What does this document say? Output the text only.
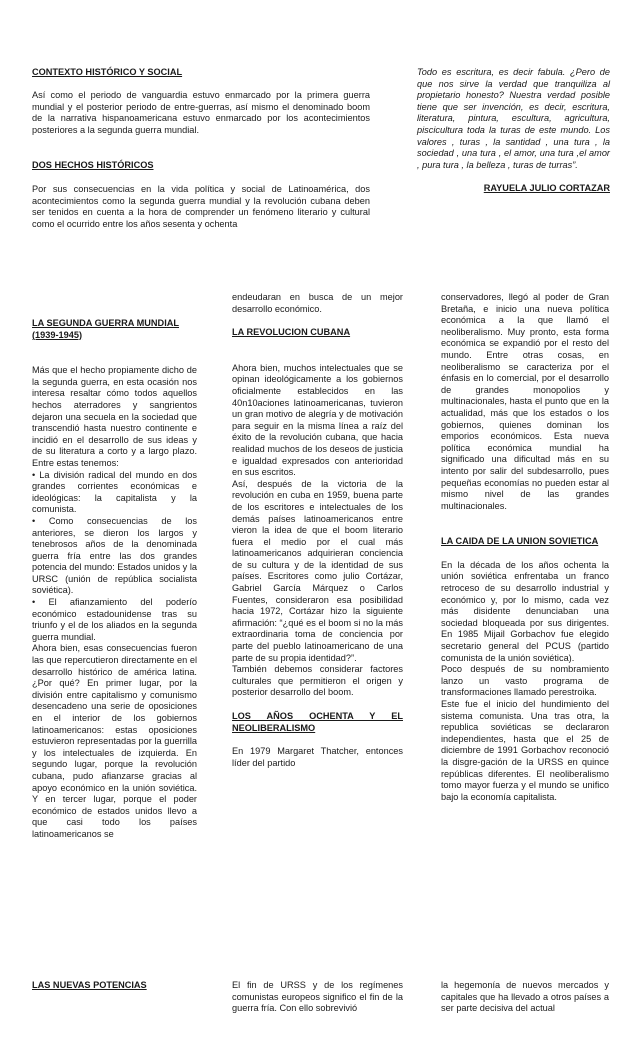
CONTEXTO HISTÓRICO Y SOCIAL

Así como el periodo de vanguardia estuvo enmarcado por la primera guerra mundial y el posterior periodo de entre-guerras, así mismo el denominado boom de la narrativa hispanoamericana estuvo enmarcado por los acontecimientos posteriores a la segunda guerra mundial.

DOS HECHOS HISTÓRICOS

Por sus consecuencias en la vida política y social de Latinoamérica, dos acontecimientos como la segunda guerra mundial y la revolución cubana deben ser tenidos en cuenta a la hora de comprender un fenómeno literario y cultural como el ocurrido entre los años sesenta y ochenta

Todo es escritura, es decir fabula. ¿Pero de que nos sirve la verdad que tranquiliza al propietario honesto? Nuestra verdad posible tiene que ser invención, es decir, escritura, literatura, pintura, escultura, agricultura, piscicultura toda la turas de este mundo. Los valores , turas , la santidad , una tura , la sociedad , una tura , el amor, una tura ,el amor , pura tura , la belleza , turas de turras”.

RAYUELA JULIO CORTAZAR

LA SEGUNDA GUERRA MUNDIAL (1939-1945)

Más que el hecho propiamente dicho de la segunda guerra, en esta ocasión nos interesa resaltar cómo todos aquellos hechos aterradores y sangrientos dejaron una secuela en la sociedad que transcendió hasta nuestro continente e incidió en el desarrollo de sus ideas y de su literatura a corto y a largo plazo. Entre estas tenemos:

• La división radical del mundo en dos grandes corrientes económicas e ideológicas: la capitalista y la comunista.

• Como consecuencias de los anteriores, se dieron los largos y tenebrosos años de la denominada guerra fría entre las dos grandes potencia del mundo: Estados unidos y la URSC (unión de república socialista soviética).

• El afianzamiento del poderío económico estadounidense tras su triunfo y el de los aliados en la segunda guerra mundial.

Ahora bien, esas consecuencias fueron las que repercutieron directamente en el desarrollo histórico de américa latina. ¿Por qué? En primer lugar, por la división entre capitalismo y comunismo desencadeno una serie de oposiciones en el interior de los gobiernos latinoamericanos: estas oposiciones estuvieron representadas por la guerrilla y los intelectuales de izquierda. En segundo lugar, porque la revolución cubana, pudo afianzarse gracias al apoyo económico en la unión soviética. Y en tercer lugar, porque el poder económico de estados unidos llevo a que casi todo los países latinoamericanos se

endeudaran en busca de un mejor desarrollo económico.

LA REVOLUCION CUBANA

Ahora bien, muchos intelectuales que se opinan ideológicamente a los gobiernos oficialmente establecidos en las 40n10aciones latinoamericanas, tuvieron un gran motivo de alegría y de motivación para seguir en la misma línea a raíz del éxito de la revolución cubana, que hacia realidad muchos de los deseos de justicia e igualdad expresados con anterioridad en sus escritos.

Así, después de la victoria de la revolución en cuba en 1959, buena parte de los escritores e intelectuales de los demás países latinoamericanos entre vieron la idea de que el boom literario fuera el medio por el cual más latinoamericanos adquirieran conciencia de su cultura y de la identidad de sus países. Escritores como julio Cortázar, Gabriel García Márquez o Carlos Fuentes, consideraron esa posibilidad hacia 1972, Cortázar hizo la siguiente afirmación: “¿qué es el boom si no la más extraordinaria toma de conciencia por parte del pueblo latinoamericano de una parte de su propia identidad?”.

También debemos considerar factores culturales que permitieron el origen y posterior desarrollo del boom.

LOS AÑOS OCHENTA Y EL NEOLIBERALISMO

En 1979 Margaret Thatcher, entonces líder del partido

conservadores, llegó al poder de Gran Bretaña, e inicio una nueva política económica a la que llamó el neoliberalismo. Muy pronto, esta forma económica se expandió por el resto del mundo. Entre otras cosas, en neoliberalismo se caracteriza por el énfasis en lo comercial, por el desarrollo de grandes monopolios y multinacionales, hasta el punto que en la actualidad, más que los estados o los gobiernos, quienes dominan los emporios económicos. Esta nueva política económica mundial ha significado una dificultad más en su intento por salir del subdesarrollo, pues pequeñas economías no pueden estar al mismo nivel de las grandes multinacionales.

LA CAIDA DE LA UNION SOVIETICA

En la década de los años ochenta la unión soviética enfrentaba un franco retroceso de su desarrollo industrial y económico y, por lo mismo, cada vez más disidente denunciaban una sociedad bloqueada por sus dirigentes. En 1985 Mijail Gorbachov fue elegido secretario general del PCUS (partido comunista de la unión soviética).

Poco después de su nombramiento lanzo un vasto programa de transformaciones llamado perestroika.

Este fue el inicio del hundimiento del sistema comunista. Una tras otra, la republica soviéticas se declararon independientes, hasta que el 25 de diciembre de 1991 Gorbachov reconoció la disgre-gación de la URSS en quince repúblicas diferentes. El neoliberalismo tomo mayor fuerza y el mundo se unifico bajo la economía capitalista.

LAS NUEVAS POTENCIAS	El fin de URSS y de los regímenes comunistas europeos significo el fin de la guerra fría. Con ello sobrevivió

la hegemonía de nuevos mercados y capitales que ha llevado a otros países a ser parte decisiva del actual
